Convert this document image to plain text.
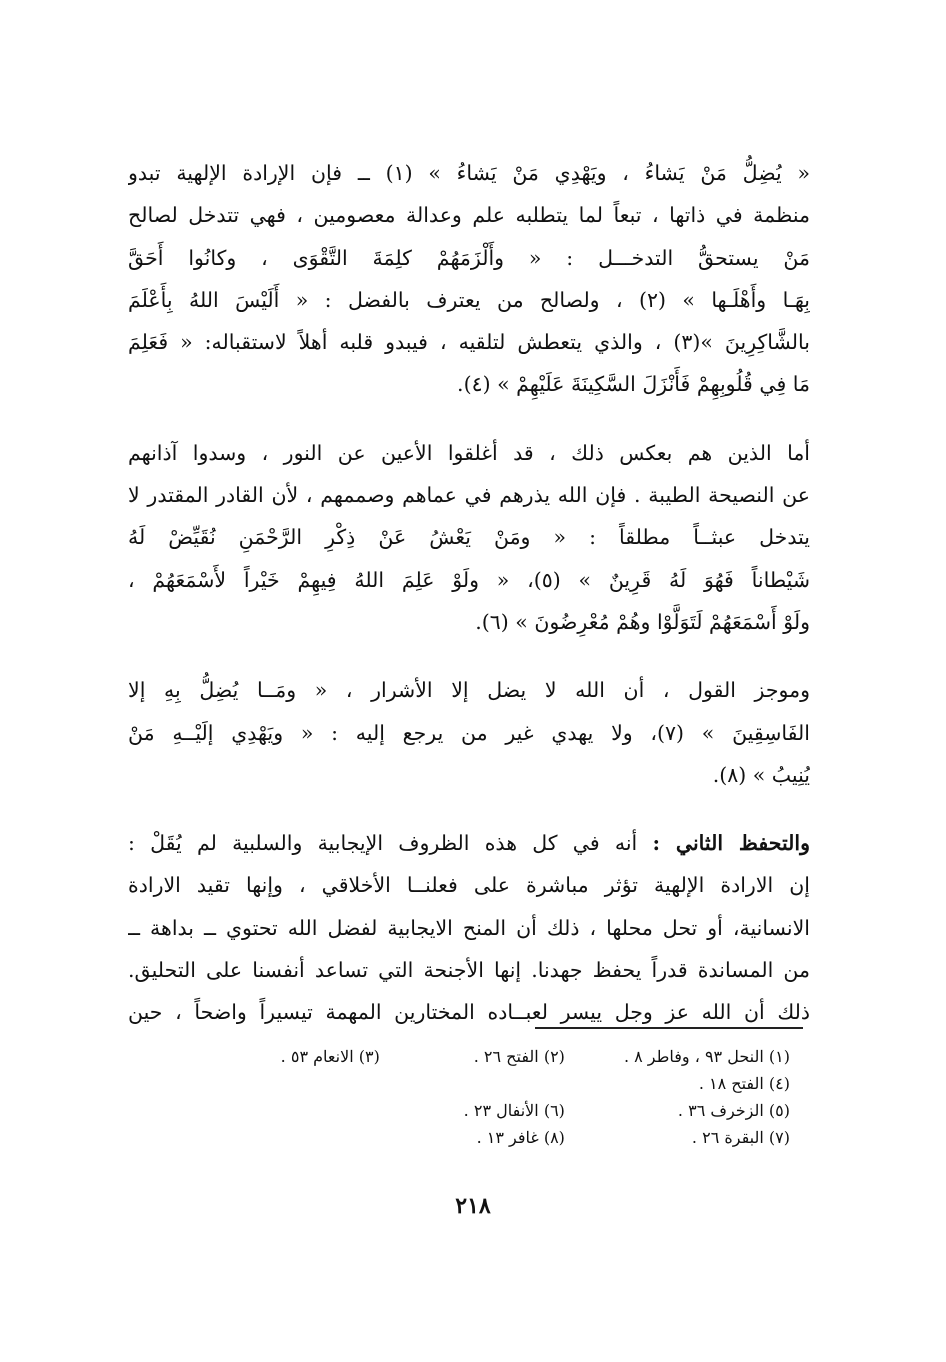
« يُضِلُّ مَنْ يَشاءُ ، ويَهْدِي مَنْ يَشاءُ » (١) ــ فإن الإرادة الإلهية تبدو
منظمة في ذاتها ، تبعاً لما يتطلبه علم وعدالة معصومين ، فهي تتدخل لصالح
مَنْ يستحقُّ التدخـــل : « وأَلْزَمَهُمْ كلِمَةَ التَّقْوَى ، وكانُوا أَحَقَّ
بِهَـا وأَهْلَـها » (٢) ، ولصالح من يعترف بالفضل : « أَلَيْسَ اللهُ بِأَعْلَمَ
بالشَّاكِرِينَ »(٣) ، والذي يتعطش لتلقيه ، فيبدو قلبه أهلاً لاستقباله: « فَعَلِمَ
مَا فِي قُلُوبِهِمْ فَأَنْزَلَ السَّكِينَةَ عَلَيْهِمْ » (٤).
أما الذين هم بعكس ذلك ، قد أغلقوا الأعين عن النور ، وسدوا آذانهم
عن النصيحة الطيبة . فإن الله يذرهم في عماهم وصممهم ، لأن القادر المقتدر لا
يتدخل عبثــاً مطلقاً : « ومَنْ يَعْشُ عَنْ ذِكْرِ الرَّحْمَنِ نُقَيِّضْ لَهُ
شَيْطاناً فَهُوَ لَهُ قَرِينٌ » (٥)، « ولَوْ عَلِمَ اللهُ فِيهِمْ خَيْراً لأَسْمَعَهُمْ ،
ولَوْ أَسْمَعَهُمْ لَتَوَلَّوْا وهُمْ مُعْرِضُونَ » (٦).
وموجز القول ، أن الله لا يضل إلا الأشرار ، « ومَــا يُضِلُّ بِهِ إلا
الفَاسِقِينَ » (٧)، ولا يهدي غير من يرجع إليه : « ويَهْدِي إلَيْــهِ مَنْ
يُنِيبُ » (٨).
والتحفظ الثاني : أنه في كل هذه الظروف الإيجابية والسلبية لم يُقَلْ :
إن الارادة الإلهية تؤثر مباشرة على فعلنــا الأخلاقي ، وإنها تقيد الارادة
الانسانية، أو تحل محلها ، ذلك أن المنح الايجابية لفضل الله تحتوي ــ بداهة ــ
من المساندة قدراً يحفظ جهدنا. إنها الأجنحة التي تساعد أنفسنا على التحليق.
ذلك أن الله عز وجل ييسر لعبــاده المختارين المهمة تيسيراً واضحاً ، حين
(١) النحل ٩٣ ، وفاطر ٨ . (٢) الفتح ٢٦ . (٣) الانعام ٥٣ .
(٤) الفتح ١٨ .
(٥) الزخرف ٣٦ . (٦) الأنفال ٢٣ .
(٧) البقرة ٢٦ . (٨) غافر ١٣ .
٢١٨
